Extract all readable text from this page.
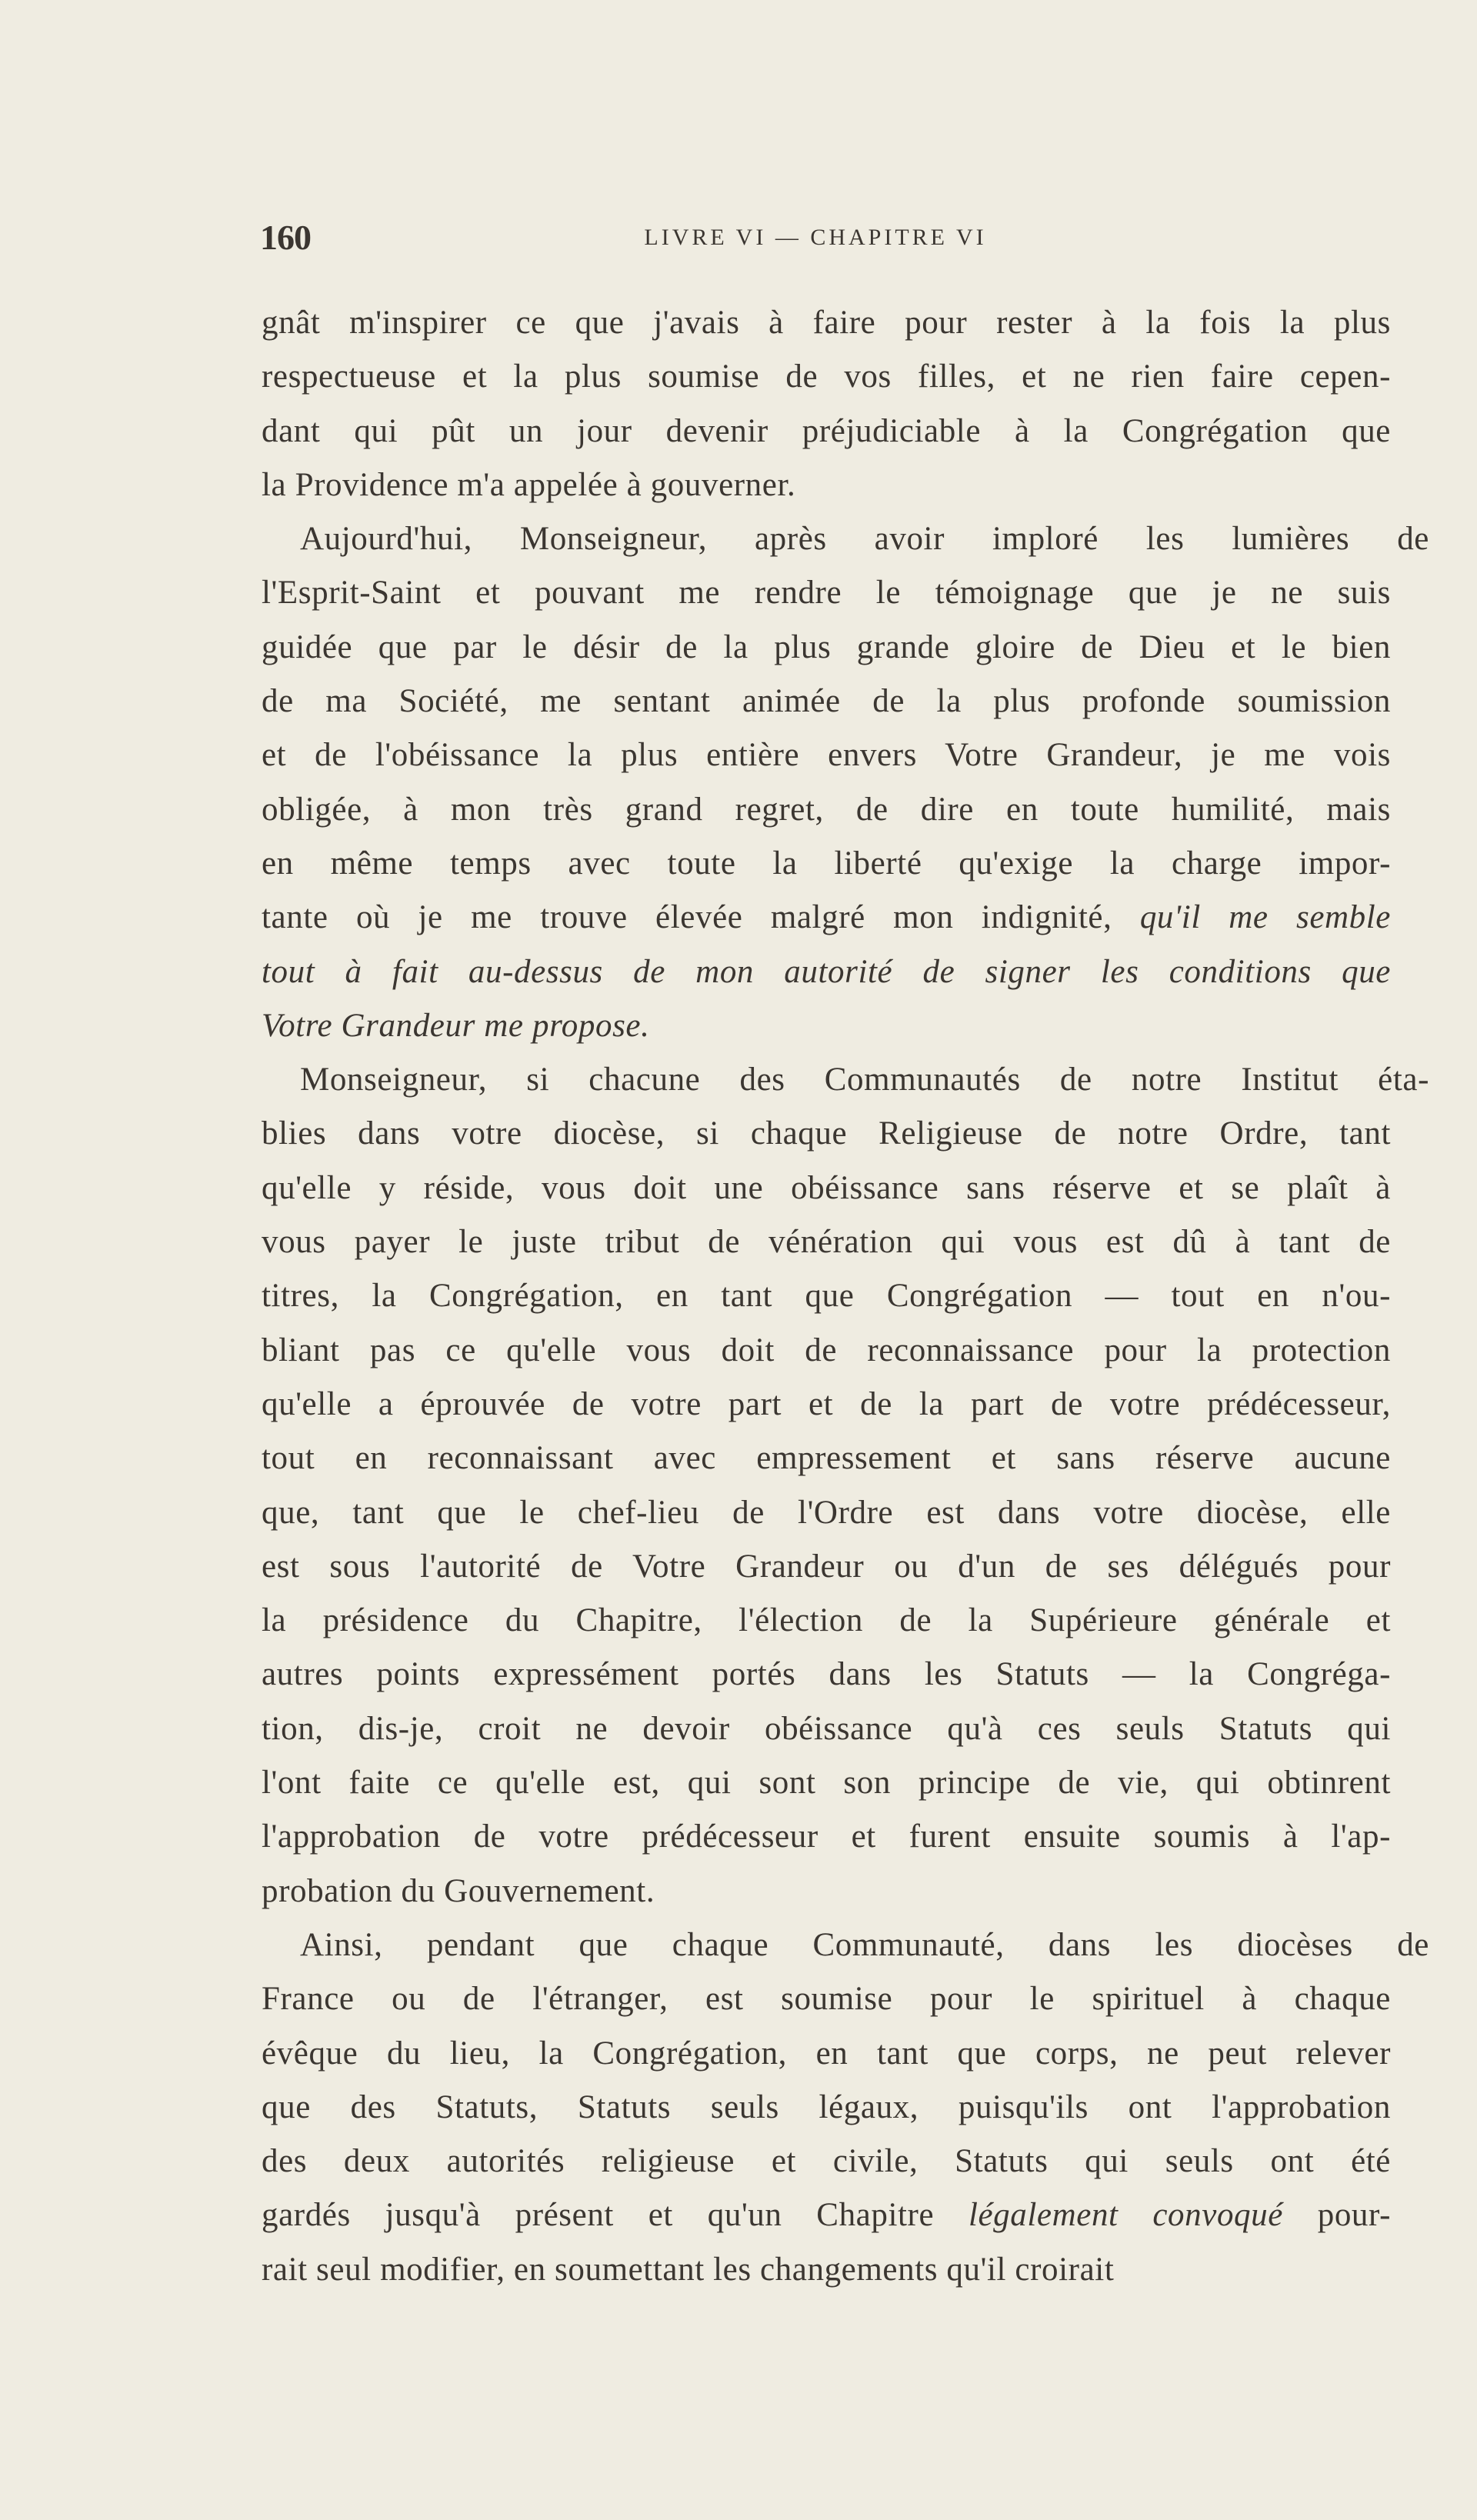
160	LIVRE VI — CHAPITRE VI
gnât m'inspirer ce que j'avais à faire pour rester à la fois la plus
respectueuse et la plus soumise de vos filles, et ne rien faire cepen-
dant qui pût un jour devenir préjudiciable à la Congrégation que
la Providence m'a appelée à gouverner.
Aujourd'hui, Monseigneur, après avoir imploré les lumières de
l'Esprit-Saint et pouvant me rendre le témoignage que je ne suis
guidée que par le désir de la plus grande gloire de Dieu et le bien
de ma Société, me sentant animée de la plus profonde soumission
et de l'obéissance la plus entière envers Votre Grandeur, je me vois
obligée, à mon très grand regret, de dire en toute humilité, mais
en même temps avec toute la liberté qu'exige la charge impor-
tante où je me trouve élevée malgré mon indignité, qu'il me semble
tout à fait au-dessus de mon autorité de signer les conditions que
Votre Grandeur me propose.
Monseigneur, si chacune des Communautés de notre Institut éta-
blies dans votre diocèse, si chaque Religieuse de notre Ordre, tant
qu'elle y réside, vous doit une obéissance sans réserve et se plaît à
vous payer le juste tribut de vénération qui vous est dû à tant de
titres, la Congrégation, en tant que Congrégation — tout en n'ou-
bliant pas ce qu'elle vous doit de reconnaissance pour la protection
qu'elle a éprouvée de votre part et de la part de votre prédécesseur,
tout en reconnaissant avec empressement et sans réserve aucune
que, tant que le chef-lieu de l'Ordre est dans votre diocèse, elle
est sous l'autorité de Votre Grandeur ou d'un de ses délégués pour
la présidence du Chapitre, l'élection de la Supérieure générale et
autres points expressément portés dans les Statuts — la Congréga-
tion, dis-je, croit ne devoir obéissance qu'à ces seuls Statuts qui
l'ont faite ce qu'elle est, qui sont son principe de vie, qui obtinrent
l'approbation de votre prédécesseur et furent ensuite soumis à l'ap-
probation du Gouvernement.
Ainsi, pendant que chaque Communauté, dans les diocèses de
France ou de l'étranger, est soumise pour le spirituel à chaque
évêque du lieu, la Congrégation, en tant que corps, ne peut relever
que des Statuts, Statuts seuls légaux, puisqu'ils ont l'approbation
des deux autorités religieuse et civile, Statuts qui seuls ont été
gardés jusqu'à présent et qu'un Chapitre légalement convoqué pour-
rait seul modifier, en soumettant les changements qu'il croirait
